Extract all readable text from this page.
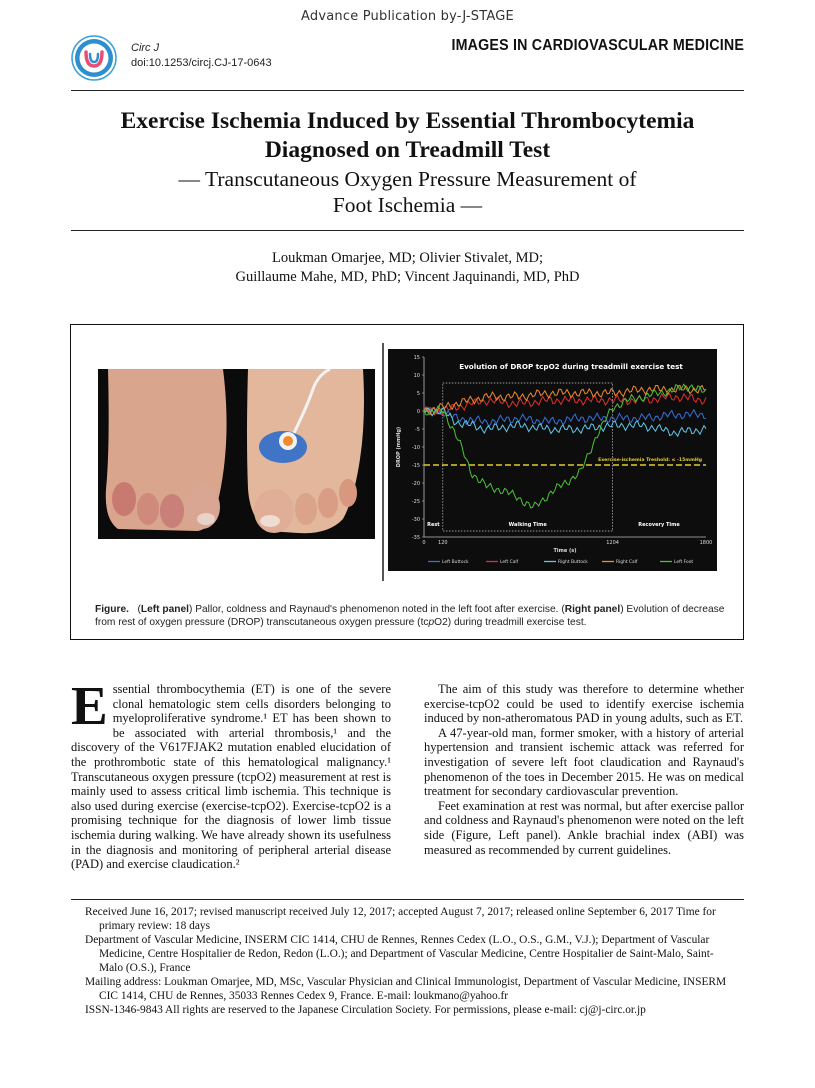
Advance Publication by-J-STAGE
Circ J
doi:10.1253/circj.CJ-17-0643
IMAGES IN CARDIOVASCULAR MEDICINE
Exercise Ischemia Induced by Essential Thrombocytemia
Diagnosed on Treadmill Test
— Transcutaneous Oxygen Pressure Measurement of
Foot Ischemia —
Loukman Omarjee, MD; Olivier Stivalet, MD;
Guillaume Mahe, MD, PhD; Vincent Jaquinandi, MD, PhD
15
10
5
0
-5
-10
-15
-20
-25
-30
-35
0 120	1204	1800
Time (s)
DROP (mmHg)
Evolution of DROP tcpO2 during treadmill exercise test
Exercise-ischemia Treshold: ≤ -15mmHg
Rest	Walking Time	Recovery Time
Left Buttock	Left Calf	Right Buttock	Right Calf	Left Foot
Figure.   (Left panel) Pallor, coldness and Raynaud's phenomenon noted in the left foot after exercise. (Right panel) Evolution of decrease from rest of oxygen pressure (DROP) transcutaneous oxygen pressure (tcpO2) during treadmill exercise test.
Essential thrombocythemia (ET) is one of the severe clonal hematologic stem cells disorders belonging to myeloproliferative syndrome.¹ ET has been shown to be associated with arterial thrombosis,¹ and the discovery of the V617FJAK2 mutation enabled elucidation of the prothrombotic state of this hematological malignancy.¹ Transcutaneous oxygen pressure (tcpO2) measurement at rest is mainly used to assess critical limb ischemia. This technique is also used during exercise (exercise-tcpO2). Exercise-tcpO2 is a promising technique for the diagnosis of lower limb tissue ischemia during walking. We have already shown its usefulness in the diagnosis and monitoring of peripheral arterial disease (PAD) and exercise claudication.²

The aim of this study was therefore to determine whether exercise-tcpO2 could be used to identify exercise ischemia induced by non-atheromatous PAD in young adults, such as ET.

A 47-year-old man, former smoker, with a history of arterial hypertension and transient ischemic attack was referred for investigation of severe left foot claudication and Raynaud's phenomenon of the toes in December 2015. He was on medical treatment for secondary cardiovascular prevention.

Feet examination at rest was normal, but after exercise pallor and coldness and Raynaud's phenomenon were noted on the left side (Figure, Left panel). Ankle brachial index (ABI) was measured as recommended by current guidelines.

Received June 16, 2017; revised manuscript received July 12, 2017; accepted August 7, 2017; released online September 6, 2017 Time for primary review: 18 days

Department of Vascular Medicine, INSERM CIC 1414, CHU de Rennes, Rennes Cedex (L.O., O.S., G.M., V.J.); Department of Vascular Medicine, Centre Hospitalier de Redon, Redon (L.O.); and Department of Vascular Medicine, Centre Hospitalier de Saint-Malo, Saint-Malo (O.S.), France

Mailing address: Loukman Omarjee, MD, MSc, Vascular Physician and Clinical Immunologist, Department of Vascular Medicine, INSERM CIC 1414, CHU de Rennes, 35033 Rennes Cedex 9, France. E-mail: loukmano@yahoo.fr

ISSN-1346-9843 All rights are reserved to the Japanese Circulation Society. For permissions, please e-mail: cj@j-circ.or.jp
